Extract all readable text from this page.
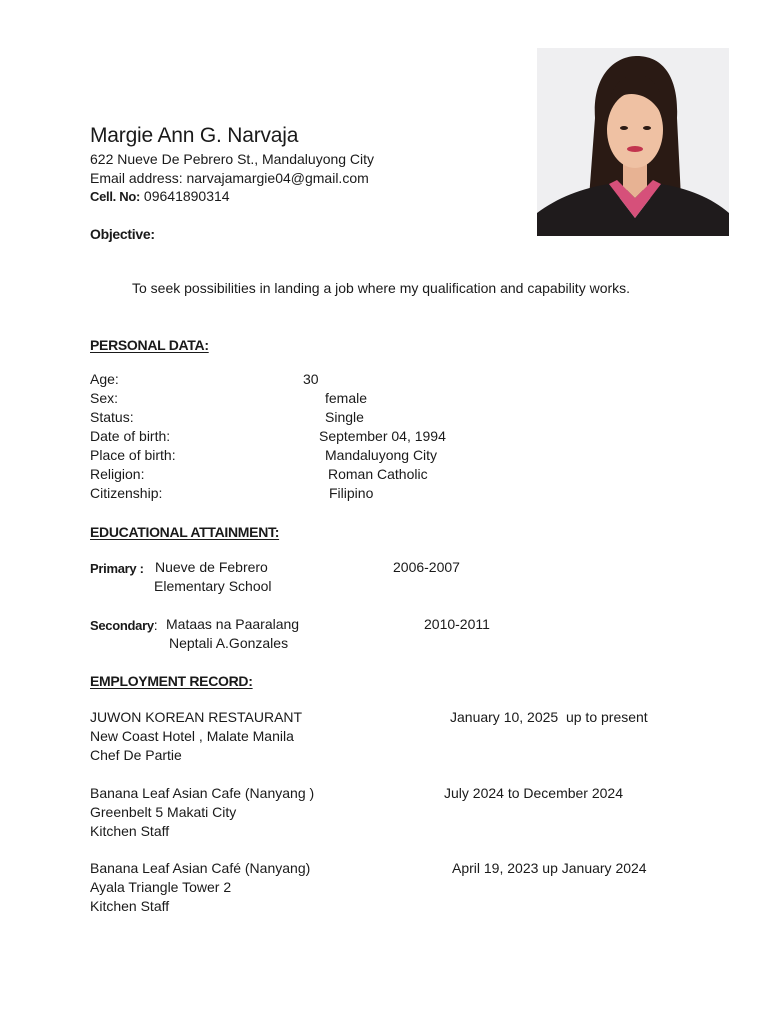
Margie Ann G. Narvaja
622 Nueve De Pebrero St., Mandaluyong City
Email address: narvajamargie04@gmail.com
Cell. No: 09641890314
Objective:
To seek possibilities in landing a job where my qualification and capability works.
PERSONAL DATA:
Age:	30
Sex:	female
Status:	Single
Date of birth:	September 04, 1994
Place of birth:	Mandaluyong City
Religion:	Roman Catholic
Citizenship:	Filipino
EDUCATIONAL ATTAINMENT:
Primary : Nueve de Febrero
Elementary School
2006-2007
Secondary: Mataas na Paaralang
Neptali A.Gonzales
2010-2011
EMPLOYMENT RECORD:
JUWON KOREAN RESTAURANT	January 10, 2025  up to present
New Coast Hotel , Malate Manila
Chef De Partie
Banana Leaf Asian Cafe (Nanyang )	July 2024 to December 2024
Greenbelt 5 Makati City
Kitchen Staff
Banana Leaf Asian Café (Nanyang)	April 19, 2023 up January 2024
Ayala Triangle Tower 2
Kitchen Staff
